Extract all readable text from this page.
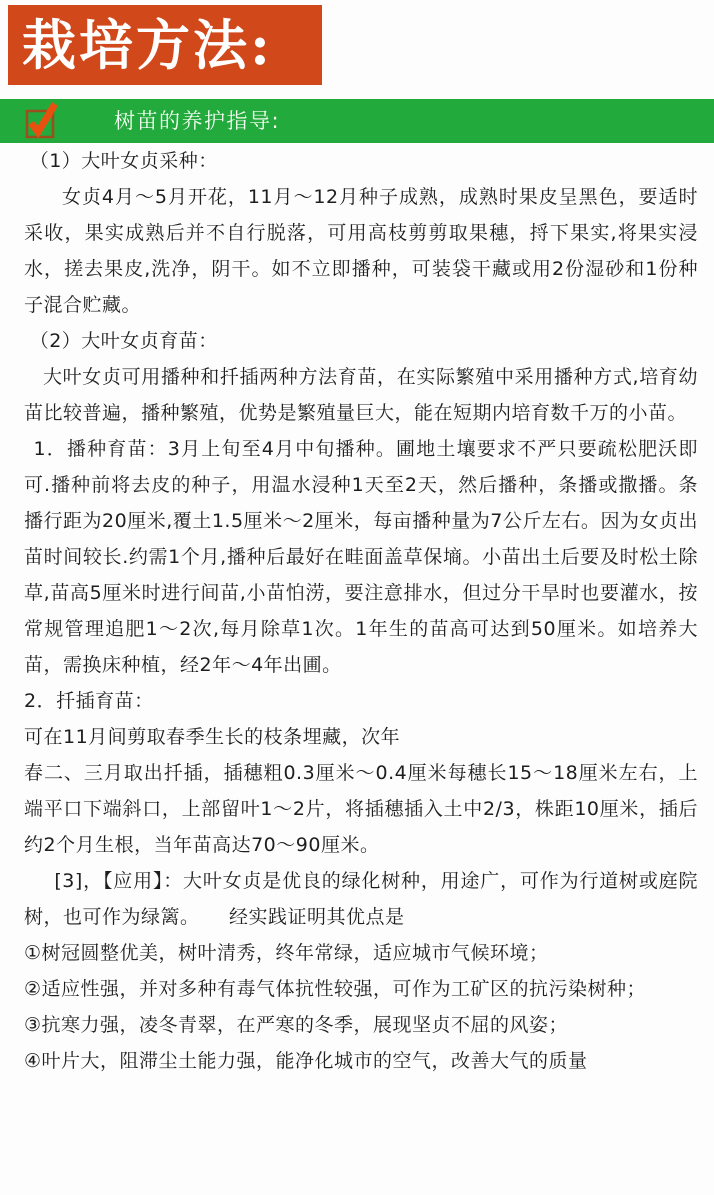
栽培方法:
树苗的养护指导:

（1）大叶女贞采种：

女贞4月～5月开花，11月～12月种子成熟，成熟时果皮呈黑色，要适时采收，果实成熟后并不自行脱落，可用高枝剪剪取果穗，捋下果实,将果实浸水，搓去果皮,洗净，阴干。如不立即播种，可装袋干藏或用2份湿砂和1份种子混合贮藏。

（2）大叶女贞育苗：

大叶女贞可用播种和扦插两种方法育苗，在实际繁殖中采用播种方式,培育幼苗比较普遍，播种繁殖，优势是繁殖量巨大，能在短期内培育数千万的小苗。

1．播种育苗：3月上旬至4月中旬播种。圃地土壤要求不严只要疏松肥沃即可.播种前将去皮的种子，用温水浸种1天至2天，然后播种，条播或撒播。条播行距为20厘米,覆土1.5厘米～2厘米，每亩播种量为7公斤左右。因为女贞出苗时间较长.约需1个月,播种后最好在畦面盖草保墒。小苗出土后要及时松土除草,苗高5厘米时进行间苗,小苗怕涝，要注意排水，但过分干旱时也要灌水，按常规管理追肥1～2次,每月除草1次。1年生的苗高可达到50厘米。如培养大苗，需换床种植，经2年～4年出圃。

2．扦插育苗：

可在11月间剪取春季生长的枝条埋藏，次年

春二、三月取出扦插，插穗粗0.3厘米～0.4厘米每穗长15～18厘米左右，上端平口下端斜口，上部留叶1～2片，将插穗插入土中2/3，株距10厘米，插后约2个月生根，当年苗高达70～90厘米。

[3]，【应用】：大叶女贞是优良的绿化树种，用途广，可作为行道树或庭院树，也可作为绿篱。　　经实践证明其优点是

①树冠圆整优美，树叶清秀，终年常绿，适应城市气候环境；

②适应性强，并对多种有毒气体抗性较强，可作为工矿区的抗污染树种；

③抗寒力强，凌冬青翠，在严寒的冬季，展现坚贞不屈的风姿；

④叶片大，阻滞尘土能力强，能净化城市的空气，改善大气的质量
